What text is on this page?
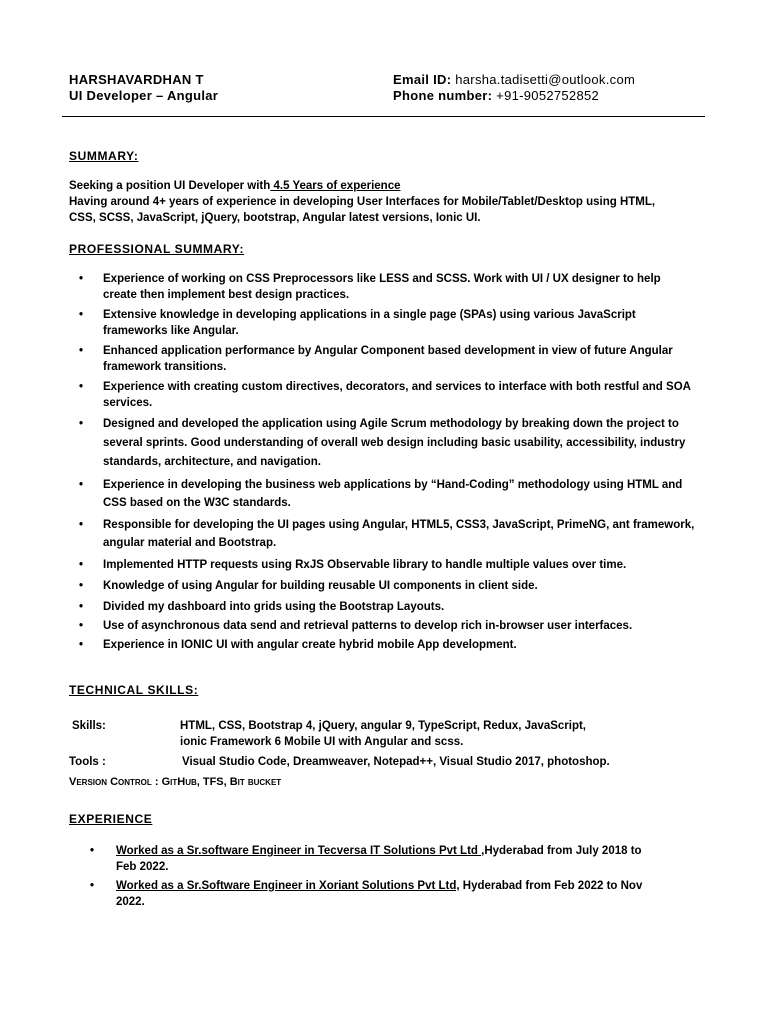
HARSHAVARDHAN T
UI Developer – Angular
Email ID: harsha.tadisetti@outlook.com
Phone number: +91-9052752852
SUMMARY:
Seeking a position UI Developer with 4.5 Years of experience
Having around 4+ years of experience in developing User Interfaces for Mobile/Tablet/Desktop using HTML,
CSS, SCSS, JavaScript, jQuery, bootstrap, Angular latest versions, Ionic UI.
PROFESSIONAL SUMMARY:
• Experience of working on CSS Preprocessors like LESS and SCSS. Work with UI / UX designer to help create then implement best design practices.
• Extensive knowledge in developing applications in a single page (SPAs) using various JavaScript frameworks like Angular.
• Enhanced application performance by Angular Component based development in view of future Angular framework transitions.
• Experience with creating custom directives, decorators, and services to interface with both restful and SOA services.
• Designed and developed the application using Agile Scrum methodology by breaking down the project to several sprints. Good understanding of overall web design including basic usability, accessibility, industry standards, architecture, and navigation.
• Experience in developing the business web applications by “Hand-Coding” methodology using HTML and CSS based on the W3C standards.
• Responsible for developing the UI pages using Angular, HTML5, CSS3, JavaScript, PrimeNG, ant framework, angular material and Bootstrap.
• Implemented HTTP requests using RxJS Observable library to handle multiple values over time.
• Knowledge of using Angular for building reusable UI components in client side.
• Divided my dashboard into grids using the Bootstrap Layouts.
• Use of asynchronous data send and retrieval patterns to develop rich in-browser user interfaces.
• Experience in IONIC UI with angular create hybrid mobile App development.
TECHNICAL SKILLS:
Skills:	HTML, CSS, Bootstrap 4, jQuery, angular 9, TypeScript, Redux, JavaScript,
ionic Framework 6 Mobile UI with Angular and scss.
Tools :	Visual Studio Code, Dreamweaver, Notepad++, Visual Studio 2017, photoshop.
Version Control : GitHub, TFS, Bit bucket
EXPERIENCE
• Worked as a Sr.software Engineer in Tecversa IT Solutions Pvt Ltd ,Hyderabad from July 2018 to
Feb 2022.
• Worked as a Sr.Software Engineer in Xoriant Solutions Pvt Ltd, Hyderabad from Feb 2022 to Nov
2022.
